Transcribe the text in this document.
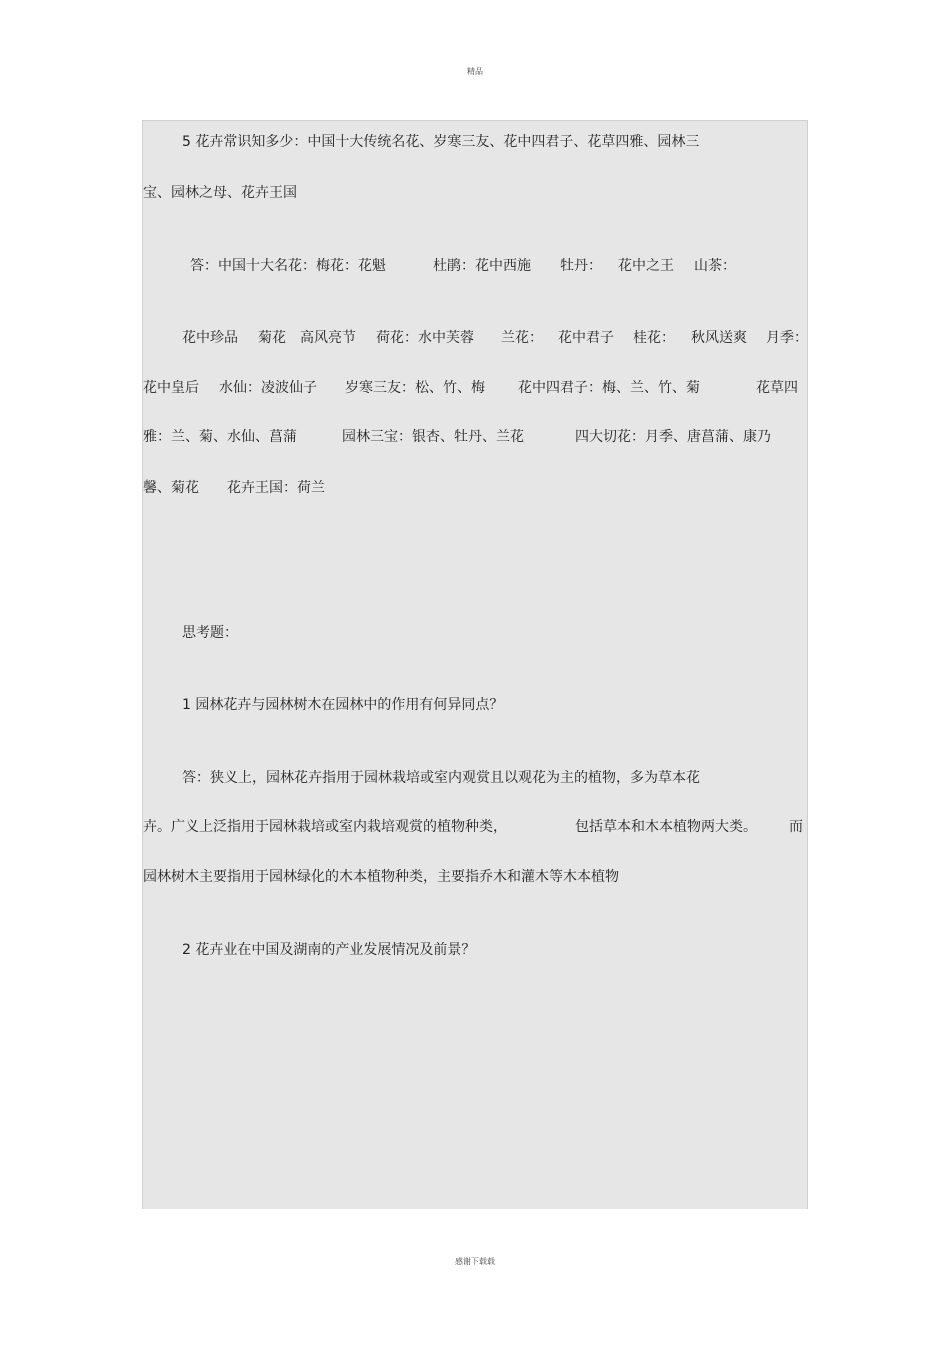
精品
5 花卉常识知多少：中国十大传统名花、岁寒三友、花中四君子、花草四雅、园林三
宝、园林之母、花卉王国
答：中国十大名花：梅花：花魁	杜鹃：花中西施 牡丹： 花中之王 山茶：
花中珍品 菊花 高风亮节 荷花：水中芙蓉 兰花： 花中君子 桂花： 秋风送爽 月季：
花中皇后 水仙：凌波仙子 岁寒三友：松、竹、梅 花中四君子：梅、兰、竹、菊	花草四
雅：兰、菊、水仙、菖蒲	园林三宝：银杏、牡丹、兰花	四大切花：月季、唐菖蒲、康乃
馨、菊花 花卉王国：荷兰
思考题：
1 园林花卉与园林树木在园林中的作用有何异同点？
答：狭义上，园林花卉指用于园林栽培或室内观赏且以观花为主的植物，多为草本花
卉。广义上泛指用于园林栽培或室内栽培观赏的植物种类，	包括草本和木本植物两大类。 而
园林树木主要指用于园林绿化的木本植物种类，主要指乔木和灌木等木本植物
2 花卉业在中国及湖南的产业发展情况及前景？
感谢下载载
